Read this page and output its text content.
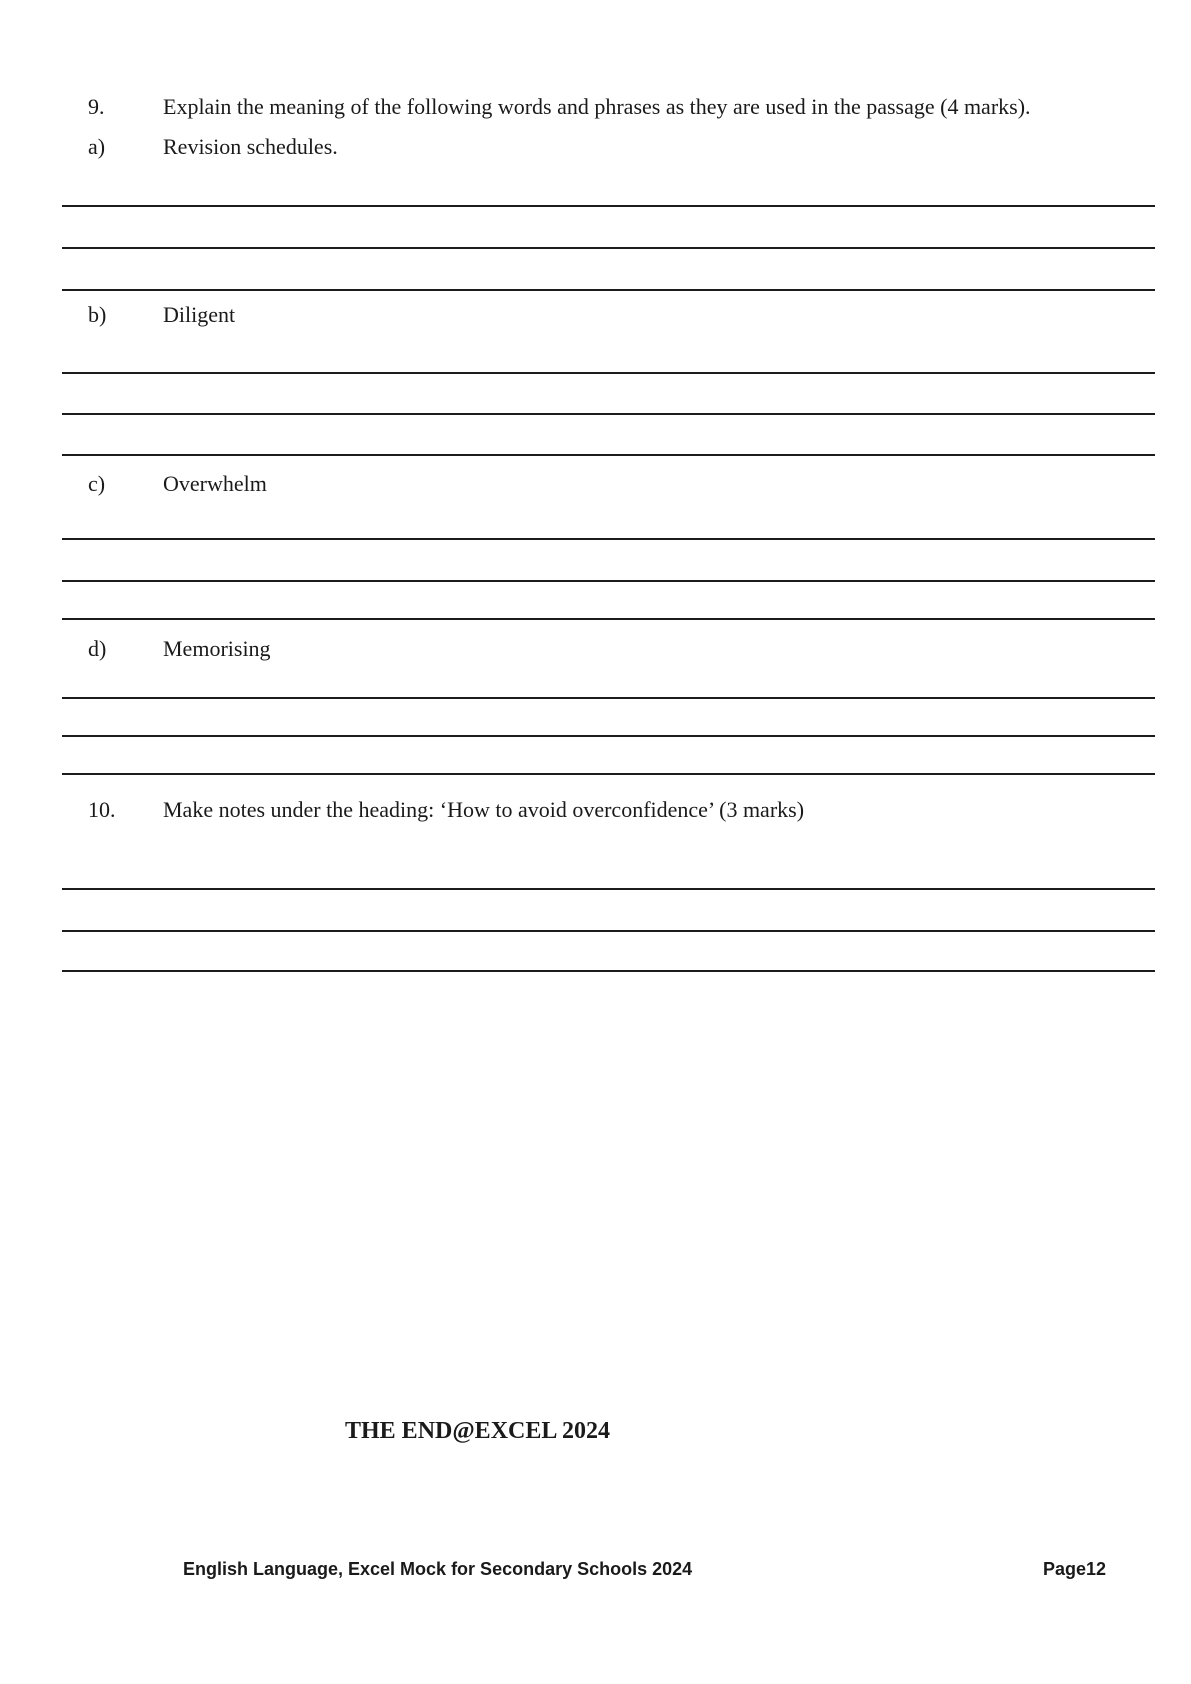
9.	Explain the meaning of the following words and phrases as they are used in the passage (4 marks).
a)	Revision schedules.
b)	Diligent
c)	Overwhelm
d)	Memorising
10.	Make notes under the heading: ‘How to avoid overconfidence’ (3 marks)
THE END@EXCEL 2024
English Language, Excel Mock for Secondary Schools 2024	Page12
